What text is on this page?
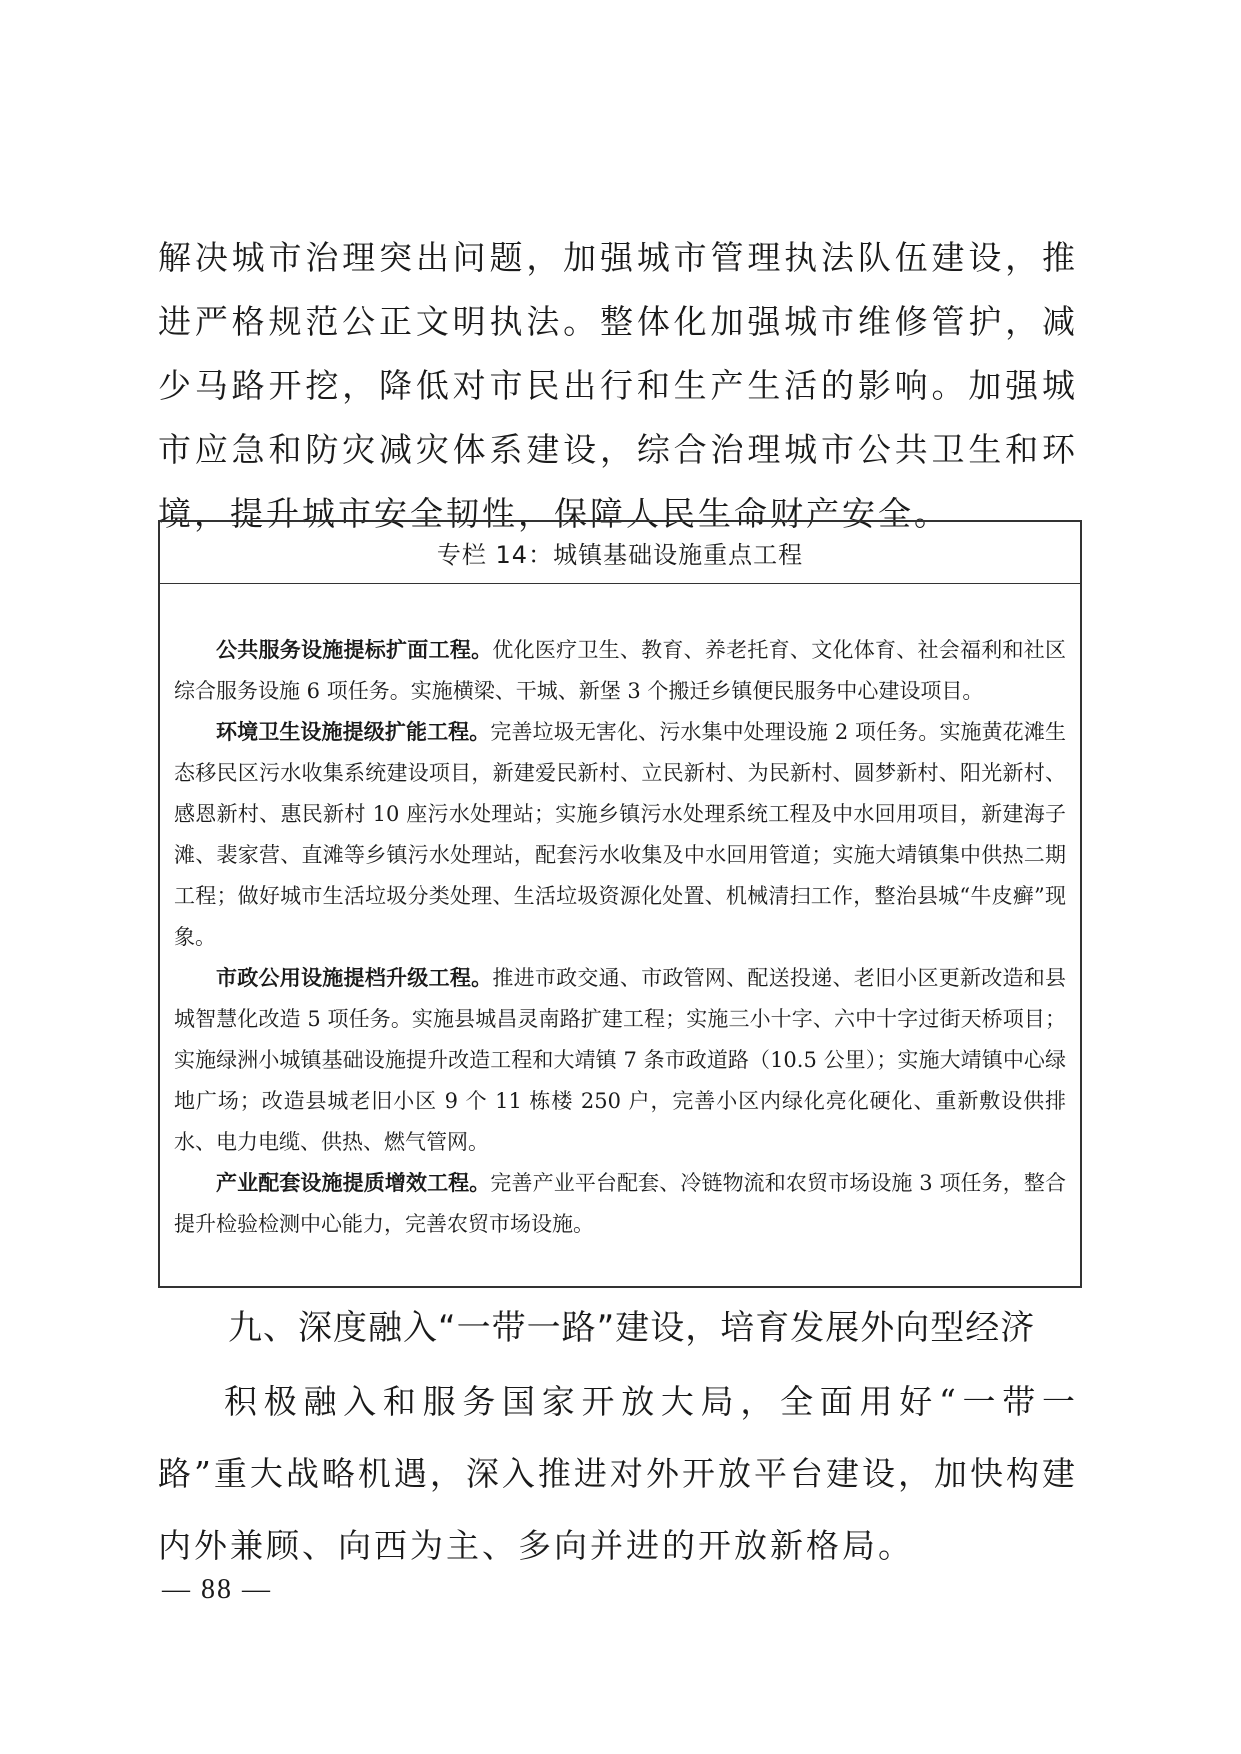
解决城市治理突出问题，加强城市管理执法队伍建设，推进严格规范公正文明执法。整体化加强城市维修管护，减少马路开挖，降低对市民出行和生产生活的影响。加强城市应急和防灾减灾体系建设，综合治理城市公共卫生和环境，提升城市安全韧性，保障人民生命财产安全。
专栏 14：城镇基础设施重点工程

公共服务设施提标扩面工程。优化医疗卫生、教育、养老托育、文化体育、社会福利和社区综合服务设施 6 项任务。实施横梁、干城、新堡 3 个搬迁乡镇便民服务中心建设项目。

环境卫生设施提级扩能工程。完善垃圾无害化、污水集中处理设施 2 项任务。实施黄花滩生态移民区污水收集系统建设项目，新建爱民新村、立民新村、为民新村、圆梦新村、阳光新村、感恩新村、惠民新村 10 座污水处理站；实施乡镇污水处理系统工程及中水回用项目，新建海子滩、裴家营、直滩等乡镇污水处理站，配套污水收集及中水回用管道；实施大靖镇集中供热二期工程；做好城市生活垃圾分类处理、生活垃圾资源化处置、机械清扫工作，整治县城“牛皮癣”现象。

市政公用设施提档升级工程。推进市政交通、市政管网、配送投递、老旧小区更新改造和县城智慧化改造 5 项任务。实施县城昌灵南路扩建工程；实施三小十字、六中十字过街天桥项目；实施绿洲小城镇基础设施提升改造工程和大靖镇 7 条市政道路（10.5 公里）；实施大靖镇中心绿地广场；改造县城老旧小区 9 个 11 栋楼 250 户，完善小区内绿化亮化硬化、重新敷设供排水、电力电缆、供热、燃气管网。

产业配套设施提质增效工程。完善产业平台配套、冷链物流和农贸市场设施 3 项任务，整合提升检验检测中心能力，完善农贸市场设施。

九、深度融入“一带一路”建设，培育发展外向型经济
积极融入和服务国家开放大局，全面用好“一带一路”重大战略机遇，深入推进对外开放平台建设，加快构建内外兼顾、向西为主、多向并进的开放新格局。
— 88 —
